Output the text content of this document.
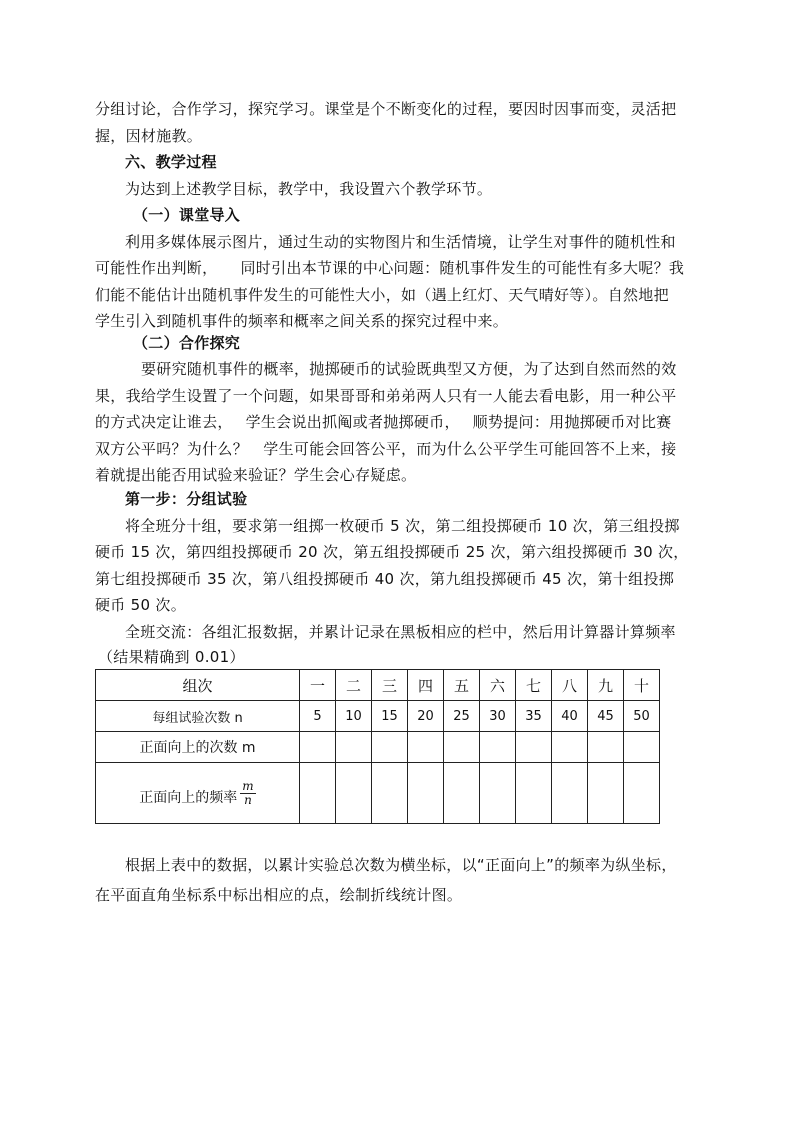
分组讨论，合作学习，探究学习。课堂是个不断变化的过程，要因时因事而变，灵活把
握，因材施教。
六、教学过程
为达到上述教学目标，教学中，我设置六个教学环节。
（一）课堂导入
利用多媒体展示图片，通过生动的实物图片和生活情境，让学生对事件的随机性和
可能性作出判断，　　同时引出本节课的中心问题：随机事件发生的可能性有多大呢？我
们能不能估计出随机事件发生的可能性大小，如（遇上红灯、天气晴好等）。自然地把
学生引入到随机事件的频率和概率之间关系的探究过程中来。
（二）合作探究
要研究随机事件的概率，抛掷硬币的试验既典型又方便，为了达到自然而然的效
果，我给学生设置了一个问题，如果哥哥和弟弟两人只有一人能去看电影，用一种公平
的方式决定让谁去，　 学生会说出抓阄或者抛掷硬币，　 顺势提问：用抛掷硬币对比赛
双方公平吗？为什么？　学生可能会回答公平，而为什么公平学生可能回答不上来，接
着就提出能否用试验来验证？学生会心存疑虑。
第一步：分组试验
将全班分十组，要求第一组掷一枚硬币 5 次，第二组投掷硬币 10 次，第三组投掷
硬币 15 次，第四组投掷硬币 20 次，第五组投掷硬币 25 次，第六组投掷硬币 30 次，
第七组投掷硬币 35 次，第八组投掷硬币 40 次，第九组投掷硬币 45 次，第十组投掷
硬币 50 次。
全班交流：各组汇报数据，并累计记录在黑板相应的栏中，然后用计算器计算频率
（结果精确到 0.01）
组次	一	二	三	四	五	六	七	八	九	十
每组试验次数 n	5	10	15	20	25	30	35	40	45	50
正面向上的次数 m										

正面向上的频率 $\frac{m}{n}$

根据上表中的数据，以累计实验总次数为横坐标，以“正面向上”的频率为纵坐标，
在平面直角坐标系中标出相应的点，绘制折线统计图。
